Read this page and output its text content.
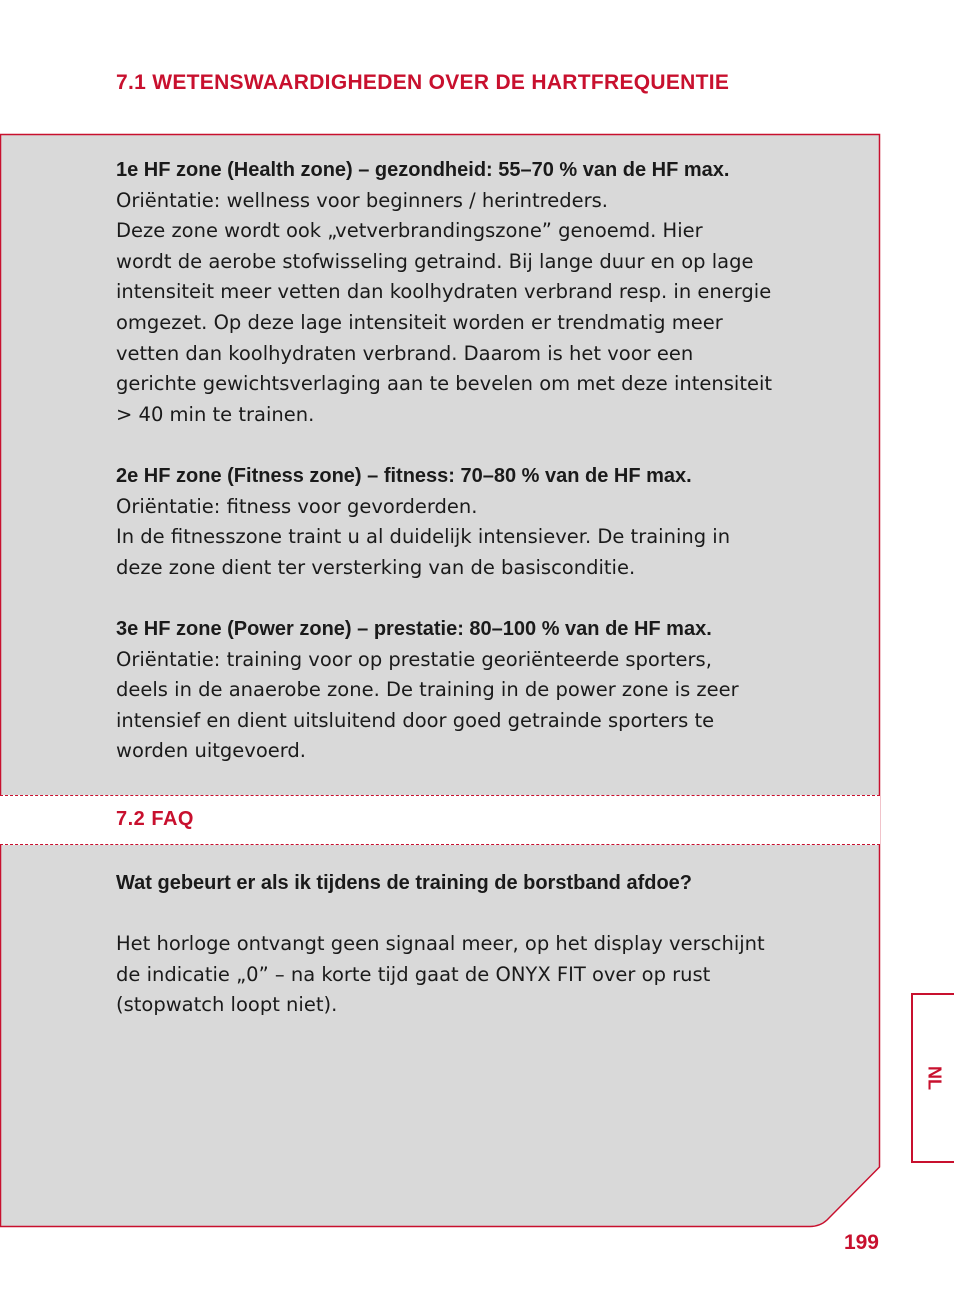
7.1 WETENSWAARDIGHEDEN OVER DE HARTFREQUENTIE

1e HF zone (Health zone) – gezondheid: 55–70 % van de HF max.

Oriëntatie: wellness voor beginners / herintreders.

Deze zone wordt ook „vetverbrandingszone” genoemd. Hier

wordt de aerobe stofwisseling getraind. Bij lange duur en op lage

intensiteit meer vetten dan koolhydraten verbrand resp. in energie

omgezet. Op deze lage intensiteit worden er trendmatig meer

vetten dan koolhydraten verbrand. Daarom is het voor een

gerichte gewichtsverlaging aan te bevelen om met deze intensiteit

> 40 min te trainen.

2e HF zone (Fitness zone) – fitness: 70–80 % van de HF max.

Oriëntatie: fitness voor gevorderden.

In de fitnesszone traint u al duidelijk intensiever. De training in

deze zone dient ter versterking van de basisconditie.

3e HF zone (Power zone) – prestatie: 80–100 % van de HF max.

Oriëntatie: training voor op prestatie georiënteerde sporters,

deels in de anaerobe zone. De training in de power zone is zeer

intensief en dient uitsluitend door goed getrainde sporters te

worden uitgevoerd.

7.2 FAQ

Wat gebeurt er als ik tijdens de training de borstband afdoe?

Het horloge ontvangt geen signaal meer, op het display verschijnt

de indicatie „0” – na korte tijd gaat de ONYX FIT over op rust

(stopwatch loopt niet).

NL
199
